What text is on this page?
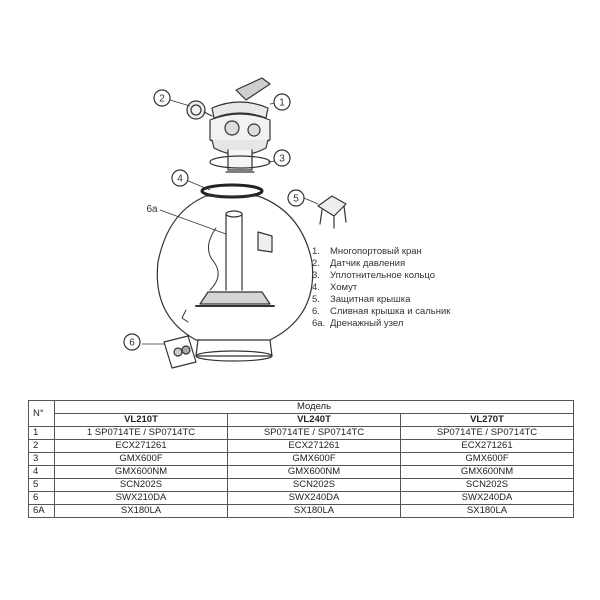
2	1
3
4
5
6а
6
1.	Многопортовый кран
2.	Датчик давления
3.	Уплотнительное кольцо
4.	Хомут
5.	Защитная крышка
6.	Сливная крышка и сальник
6а. Дренажный узел
N°	Модель		
	VL210T	VL240T	VL270T
1	1 SP0714TE / SP0714TC	SP0714TE / SP0714TC	SP0714TE / SP0714TC
2	ECX271261	ECX271261	ECX271261
3	GMX600F	GMX600F	GMX600F
4	GMX600NM	GMX600NM	GMX600NM
5	SCN202S	SCN202S	SCN202S
6	SWX210DA	SWX240DA	SWX240DA
6A	SX180LA	SX180LA	SX180LA
